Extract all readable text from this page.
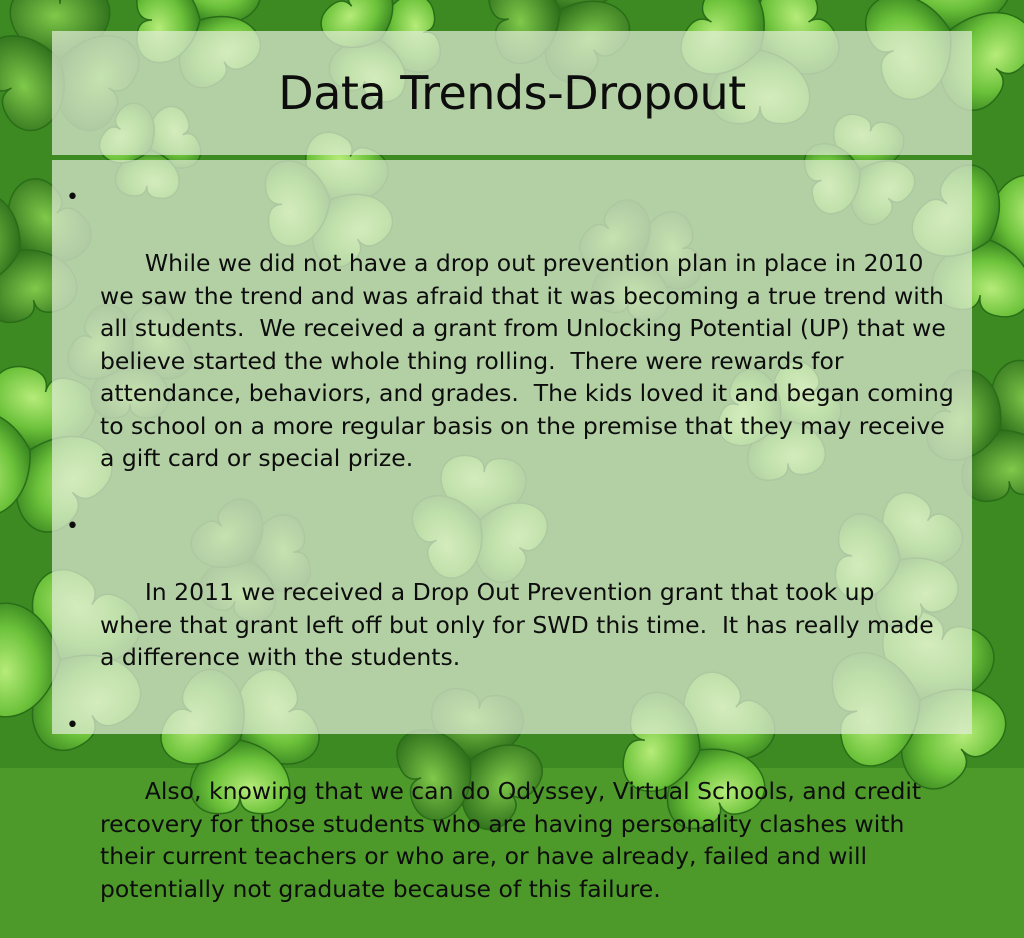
Data Trends-Dropout

•

While we did not have a drop out prevention plan in place in 2010 we saw the trend and was afraid that it was becoming a true trend with all students.  We received a grant from Unlocking Potential (UP) that we believe started the whole thing rolling.  There were rewards for attendance, behaviors, and grades.  The kids loved it and began coming to school on a more regular basis on the premise that they may receive a gift card or special prize.

•

In 2011 we received a Drop Out Prevention grant that took up where that grant left off but only for SWD this time.  It has really made a difference with the students.

•

Also, knowing that we can do Odyssey, Virtual Schools, and credit recovery for those students who are having personality clashes with their current teachers or who are, or have already, failed and will potentially not graduate because of this failure.
